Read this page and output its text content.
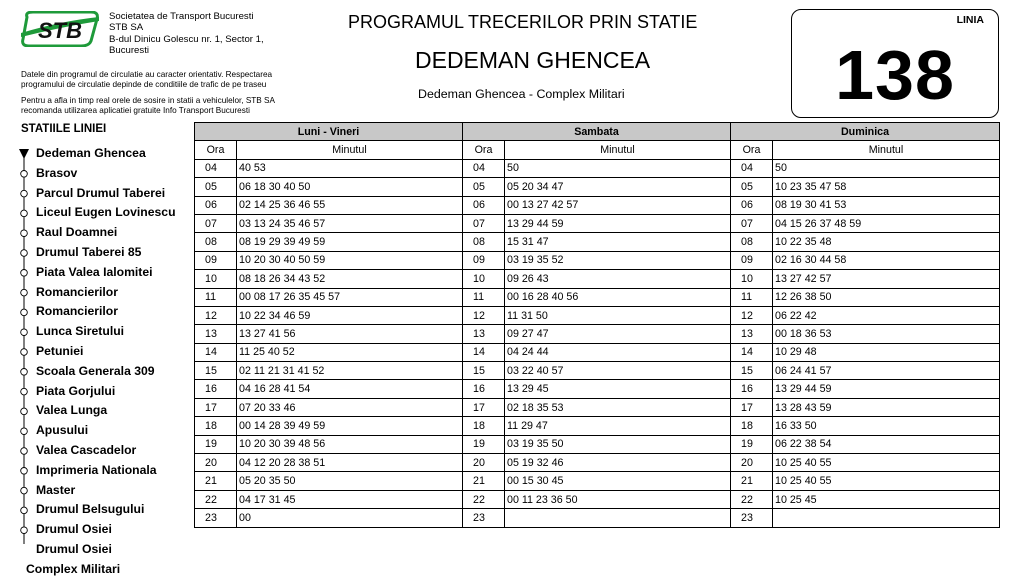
STB
Societatea de Transport Bucuresti
STB SA
B-dul Dinicu Golescu nr. 1, Sector 1,
Bucuresti
Datele din programul de circulatie au caracter orientativ. Respectarea
programului de circulatie depinde de conditiile de trafic de pe traseu
Pentru a afla in timp real orele de sosire in statii a vehiculelor, STB SA
recomanda utilizarea aplicatiei gratuite Info Transport Bucuresti
PROGRAMUL TRECERILOR PRIN STATIE
DEDEMAN GHENCEA
Dedeman Ghencea - Complex Militari
LINIA
138
STATIILE LINIEI
Dedeman Ghencea
Brasov
Parcul Drumul Taberei
Liceul Eugen Lovinescu
Raul Doamnei
Drumul Taberei 85
Piata Valea Ialomitei
Romancierilor
Romancierilor
Lunca Siretului
Petuniei
Scoala Generala 309
Piata Gorjului
Valea Lunga
Apusului
Valea Cascadelor
Imprimeria Nationala
Master
Drumul Belsugului
Drumul Osiei
Drumul Osiei
Complex Militari
Luni - Vineri		Sambata		Duminica	
Ora	Minutul	Ora	Minutul	Ora	Minutul
04	40 53	04	50	04	50
05	06 18 30 40 50	05	05 20 34 47	05	10 23 35 47 58
06	02 14 25 36 46 55	06	00 13 27 42 57	06	08 19 30 41 53
07	03 13 24 35 46 57	07	13 29 44 59	07	04 15 26 37 48 59
08	08 19 29 39 49 59	08	15 31 47	08	10 22 35 48
09	10 20 30 40 50 59	09	03 19 35 52	09	02 16 30 44 58
10	08 18 26 34 43 52	10	09 26 43	10	13 27 42 57
11	00 08 17 26 35 45 57	11	00 16 28 40 56	11	12 26 38 50
12	10 22 34 46 59	12	11 31 50	12	06 22 42
13	13 27 41 56	13	09 27 47	13	00 18 36 53
14	11 25 40 52	14	04 24 44	14	10 29 48
15	02 11 21 31 41 52	15	03 22 40 57	15	06 24 41 57
16	04 16 28 41 54	16	13 29 45	16	13 29 44 59
17	07 20 33 46	17	02 18 35 53	17	13 28 43 59
18	00 14 28 39 49 59	18	11 29 47	18	16 33 50
19	10 20 30 39 48 56	19	03 19 35 50	19	06 22 38 54
20	04 12 20 28 38 51	20	05 19 32 46	20	10 25 40 55
21	05 20 35 50	21	00 15 30 45	21	10 25 40 55
22	04 17 31 45	22	00 11 23 36 50	22	10 25 45
23	00	23		23	
